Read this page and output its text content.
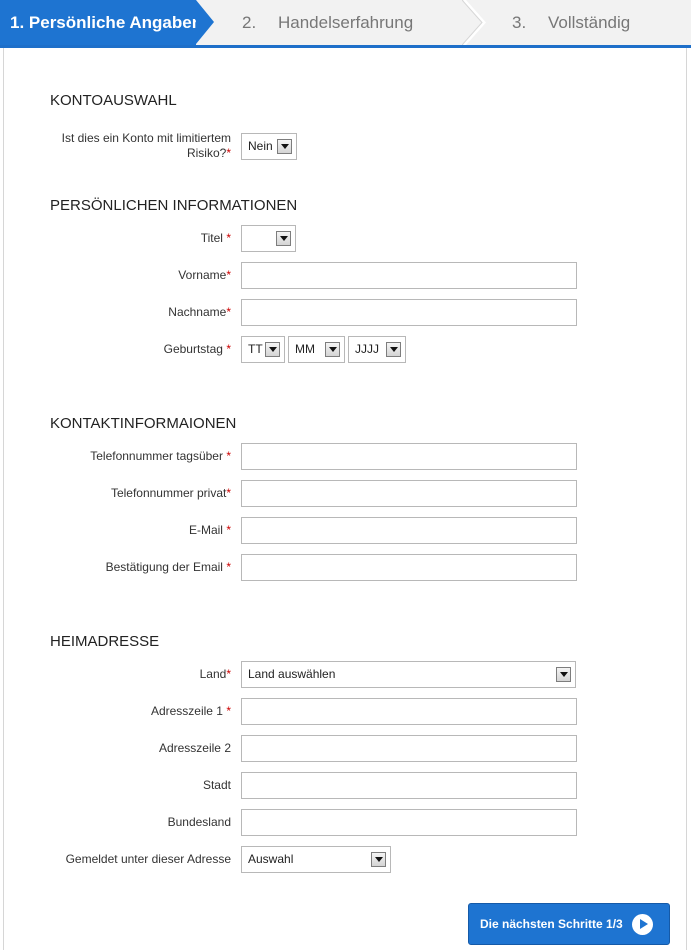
1. Persönliche Angaben 2. Handelserfahrung	3. Vollständig
KONTOAUSWAHL
Ist dies ein Konto mit limitiertem Risiko?*	Nein
PERSÖNLICHEN INFORMATIONEN
Titel *
Vorname*
Nachname*
Geburtstag *	TT	MM	JJJJ
KONTAKTINFORMAIONEN
Telefonnummer tagsüber *
Telefonnummer privat*
E-Mail *
Bestätigung der Email *
HEIMADRESSE
Land*	Land auswählen
Adresszeile 1 *
Adresszeile 2
Stadt
Bundesland
Gemeldet unter dieser Adresse	Auswahl
Die nächsten Schritte 1/3
